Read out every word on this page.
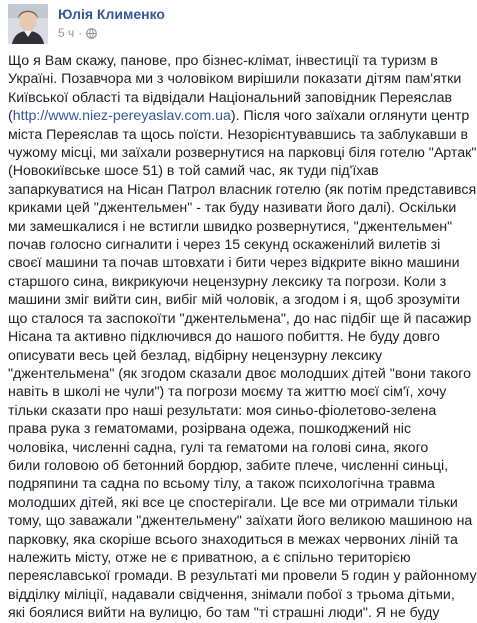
Юлія Клименко
5 ч ·
Що я Вам скажу, панове, про бізнес-клімат, інвестиції та туризм в
Україні. Позавчора ми з чоловіком вирішили показати дітям пам'ятки
Київської області та відвідали Національний заповідник Переяслав
(http://www.niez-pereyaslav.com.ua). Після чого заїхали оглянути центр
міста Переяслав та щось поїсти. Незорієнтувавшись та заблукавши в
чужому місці, ми заїхали розвернутися на парковці біля готелю "Артак"
(Новокиївське шосе 51) в той самий час, як туди під'їхав
запаркуватися на Нісан Патрол власник готелю (як потім представився
криками цей "джентельмен" - так буду називати його далі). Оскільки
ми замешкалися і не встигли швидко розвернутися, "джентельмен"
почав голосно сигналити і через 15 секунд оскаженілий вилетів зі
своєї машини та почав штовхати і бити через відкрите вікно машини
старшого сина, викрикуючи нецензурну лексику та погрози. Коли з
машини зміг вийти син, вибіг мій чоловік, а згодом і я, щоб зрозуміти
що сталося та заспокоїти "джентельмена", до нас підбіг ще й пасажир
Нісана та активно підключився до нашого побиття. Не буду довго
описувати весь цей безлад, відбірну нецензурну лексику
"джентельмена" (як згодом сказали двоє молодших дітей "вони такого
навіть в школі не чули") та погрози моєму та життю моєї сім'ї, хочу
тільки сказати про наші результати: моя синьо-фіолетово-зелена
права рука з гематомами, розірвана одежа, пошкоджений ніс
чоловіка, численні садна, гулі та гематоми на голові сина, якого
били головою об бетонний бордюр, забите плече, численні синьці,
подряпини та садна по всьому тілу, а також психологічна травма
молодших дітей, які все це спостерігали. Це все ми отримали тільки
тому, що заважали "джентельмену" заїхати його великою машиною на
парковку, яка скоріше всього знаходиться в межах червоних ліній та
належить місту, отже не є приватною, а є спільно територією
переяславської громади. В результаті ми провели 5 годин у районному
відділку міліції, надавали свідчення, знімали побої з трьома дітьми,
які боялися вийти на вулицю, бо там "ті страшні люди". Я не буду
